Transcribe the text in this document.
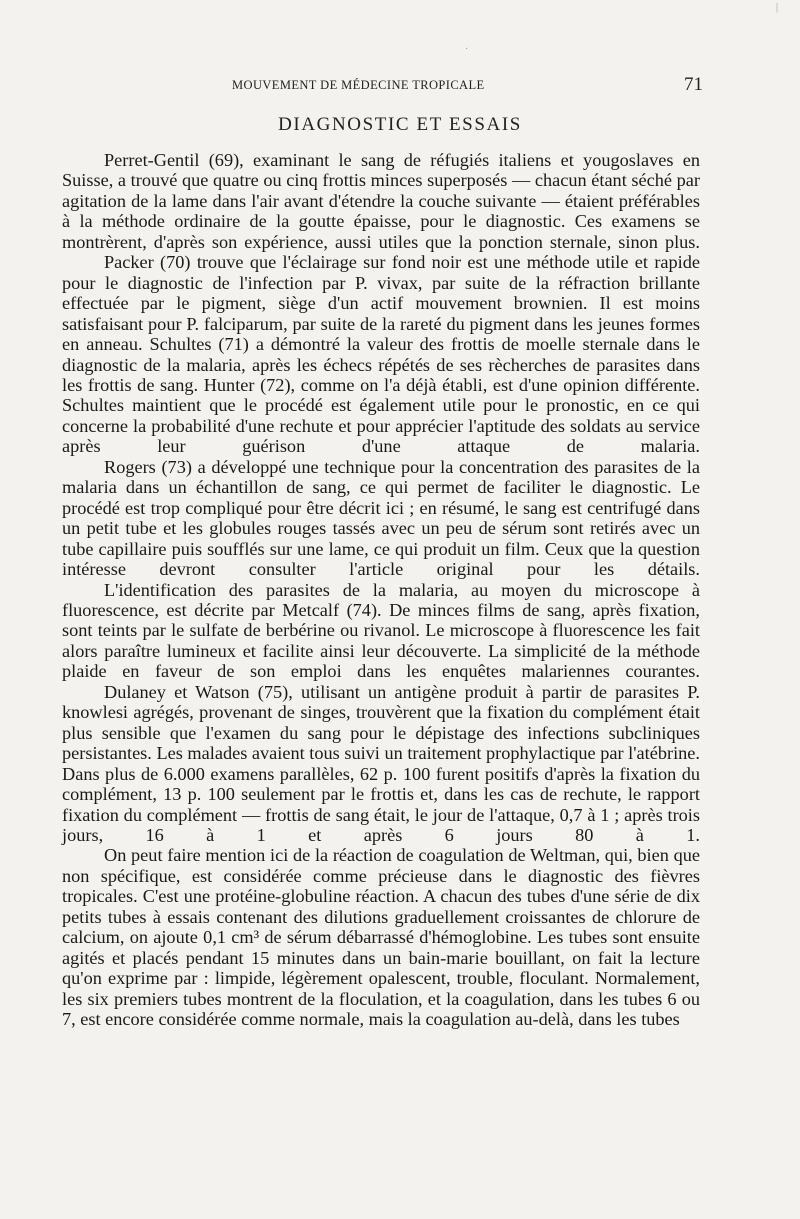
MOUVEMENT DE MÉDECINE TROPICALE	71
DIAGNOSTIC ET ESSAIS

Perret-Gentil (69), examinant le sang de réfugiés italiens et yougoslaves en Suisse, a trouvé que quatre ou cinq frottis minces superposés — chacun étant séché par agitation de la lame dans l'air avant d'étendre la couche suivante — étaient préférables à la méthode ordinaire de la goutte épaisse, pour le diagnostic. Ces examens se montrèrent, d'après son expérience, aussi utiles que la ponction sternale, sinon plus.

Packer (70) trouve que l'éclairage sur fond noir est une méthode utile et rapide pour le diagnostic de l'infection par P. vivax, par suite de la réfraction brillante effectuée par le pigment, siège d'un actif mouvement brownien. Il est moins satisfaisant pour P. falciparum, par suite de la rareté du pigment dans les jeunes formes en anneau. Schultes (71) a démontré la valeur des frottis de moelle sternale dans le diagnostic de la malaria, après les échecs répétés de ses rècherches de parasites dans les frottis de sang. Hunter (72), comme on l'a déjà établi, est d'une opinion différente. Schultes maintient que le procédé est également utile pour le pronostic, en ce qui concerne la probabilité d'une rechute et pour apprécier l'aptitude des soldats au service après leur guérison d'une attaque de malaria.

Rogers (73) a développé une technique pour la concentration des parasites de la malaria dans un échantillon de sang, ce qui permet de faciliter le diagnostic. Le procédé est trop compliqué pour être décrit ici ; en résumé, le sang est centrifugé dans un petit tube et les globules rouges tassés avec un peu de sérum sont retirés avec un tube capillaire puis soufflés sur une lame, ce qui produit un film. Ceux que la question intéresse devront consulter l'article original pour les détails.

L'identification des parasites de la malaria, au moyen du microscope à fluorescence, est décrite par Metcalf (74). De minces films de sang, après fixation, sont teints par le sulfate de berbérine ou rivanol. Le microscope à fluorescence les fait alors paraître lumineux et facilite ainsi leur découverte. La simplicité de la méthode plaide en faveur de son emploi dans les enquêtes malariennes courantes.

Dulaney et Watson (75), utilisant un antigène produit à partir de parasites P. knowlesi agrégés, provenant de singes, trouvèrent que la fixation du complément était plus sensible que l'examen du sang pour le dépistage des infections subcliniques persistantes. Les malades avaient tous suivi un traitement prophylactique par l'atébrine. Dans plus de 6.000 examens parallèles, 62 p. 100 furent positifs d'après la fixation du complément, 13 p. 100 seulement par le frottis et, dans les cas de rechute, le rapport fixation du complément — frottis de sang était, le jour de l'attaque, 0,7 à 1 ; après trois jours, 16 à 1 et après 6 jours 80 à 1.

On peut faire mention ici de la réaction de coagulation de Weltman, qui, bien que non spécifique, est considérée comme précieuse dans le diagnostic des fièvres tropicales. C'est une protéine-globuline réaction. A chacun des tubes d'une série de dix petits tubes à essais contenant des dilutions graduellement croissantes de chlorure de calcium, on ajoute 0,1 cm³ de sérum débarrassé d'hémoglobine. Les tubes sont ensuite agités et placés pendant 15 minutes dans un bain-marie bouillant, on fait la lecture qu'on exprime par : limpide, légèrement opalescent, trouble, floculant. Normalement, les six premiers tubes montrent de la floculation, et la coagulation, dans les tubes 6 ou 7, est encore considérée comme normale, mais la coagulation au-delà, dans les tubes

|
·
